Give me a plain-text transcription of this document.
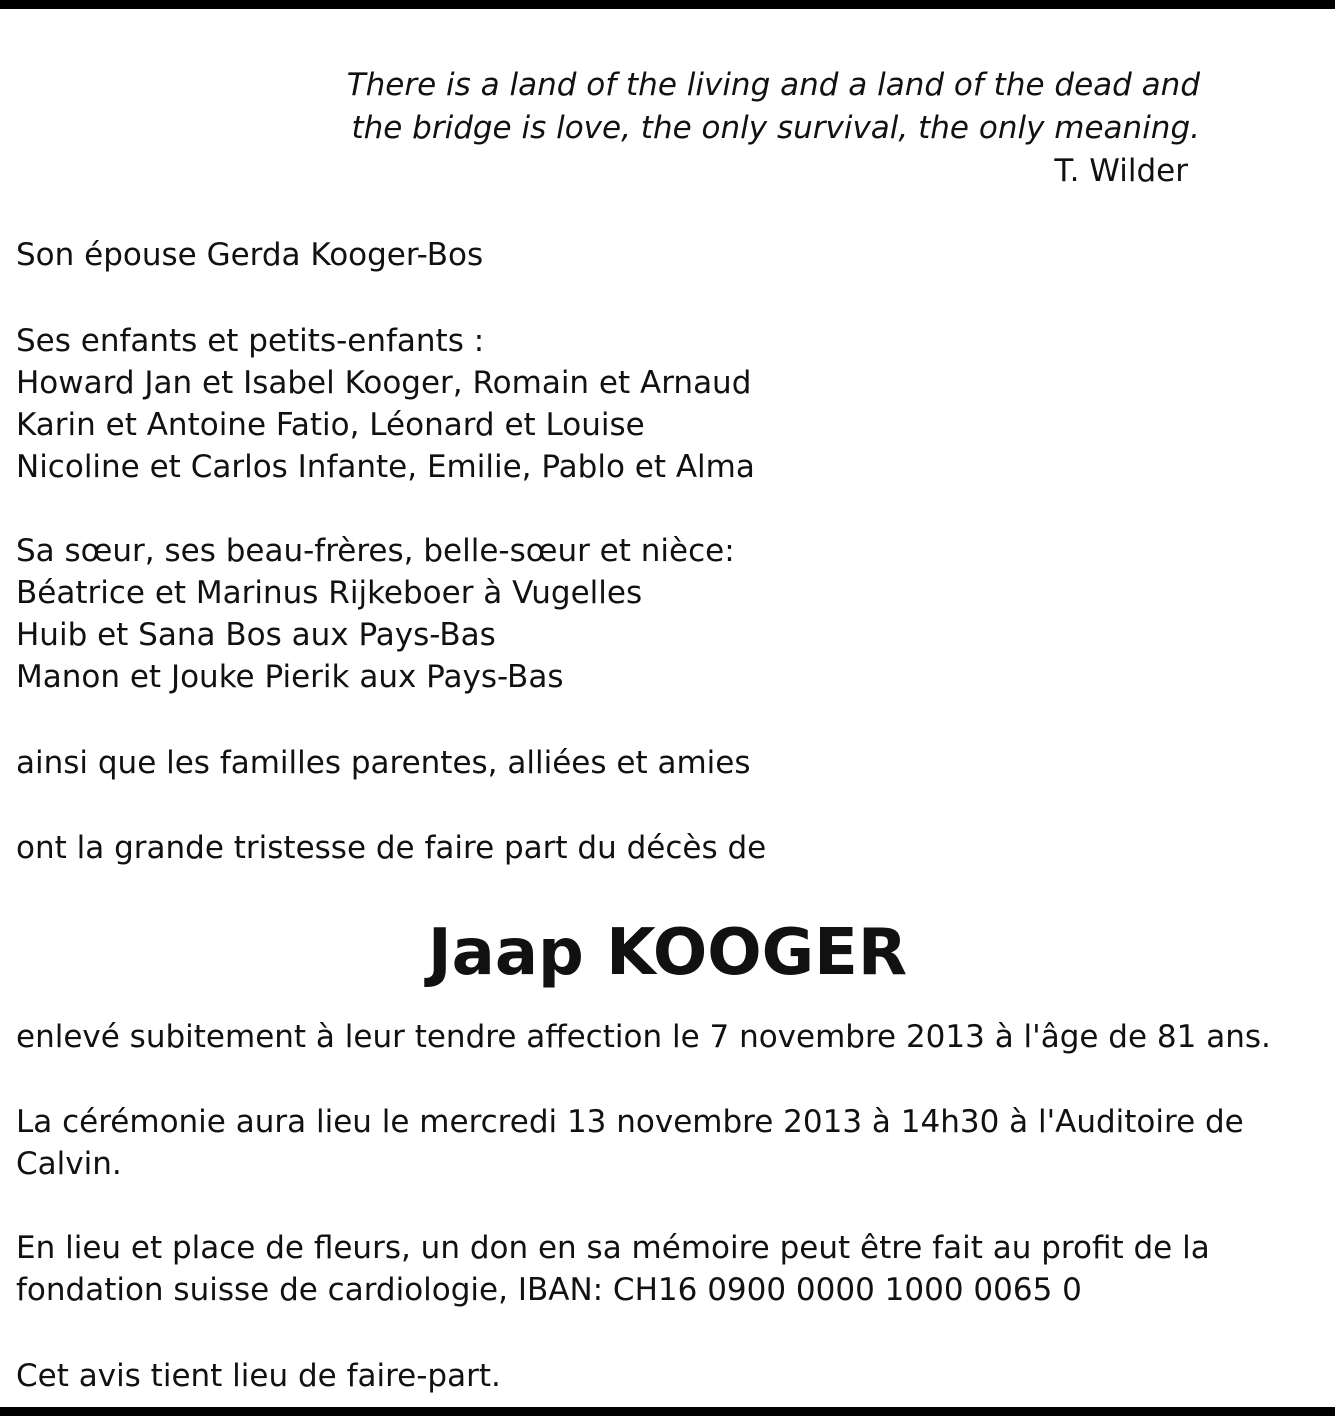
There is a land of the living and a land of the dead and
the bridge is love, the only survival, the only meaning.
T. Wilder
Son épouse Gerda Kooger-Bos
Ses enfants et petits-enfants :
Howard Jan et Isabel Kooger, Romain et Arnaud
Karin et Antoine Fatio, Léonard et Louise
Nicoline et Carlos Infante, Emilie, Pablo et Alma
Sa sœur, ses beau-frères, belle-sœur et nièce:
Béatrice et Marinus Rijkeboer à Vugelles
Huib et Sana Bos aux Pays-Bas
Manon et Jouke Pierik aux Pays-Bas
ainsi que les familles parentes, alliées et amies
ont la grande tristesse de faire part du décès de
Jaap KOOGER
enlevé subitement à leur tendre affection le 7 novembre 2013 à l'âge de 81 ans.
La cérémonie aura lieu le mercredi 13 novembre 2013 à 14h30 à l'Auditoire de
Calvin.
En lieu et place de fleurs, un don en sa mémoire peut être fait au profit de la
fondation suisse de cardiologie, IBAN: CH16 0900 0000 1000 0065 0
Cet avis tient lieu de faire-part.
